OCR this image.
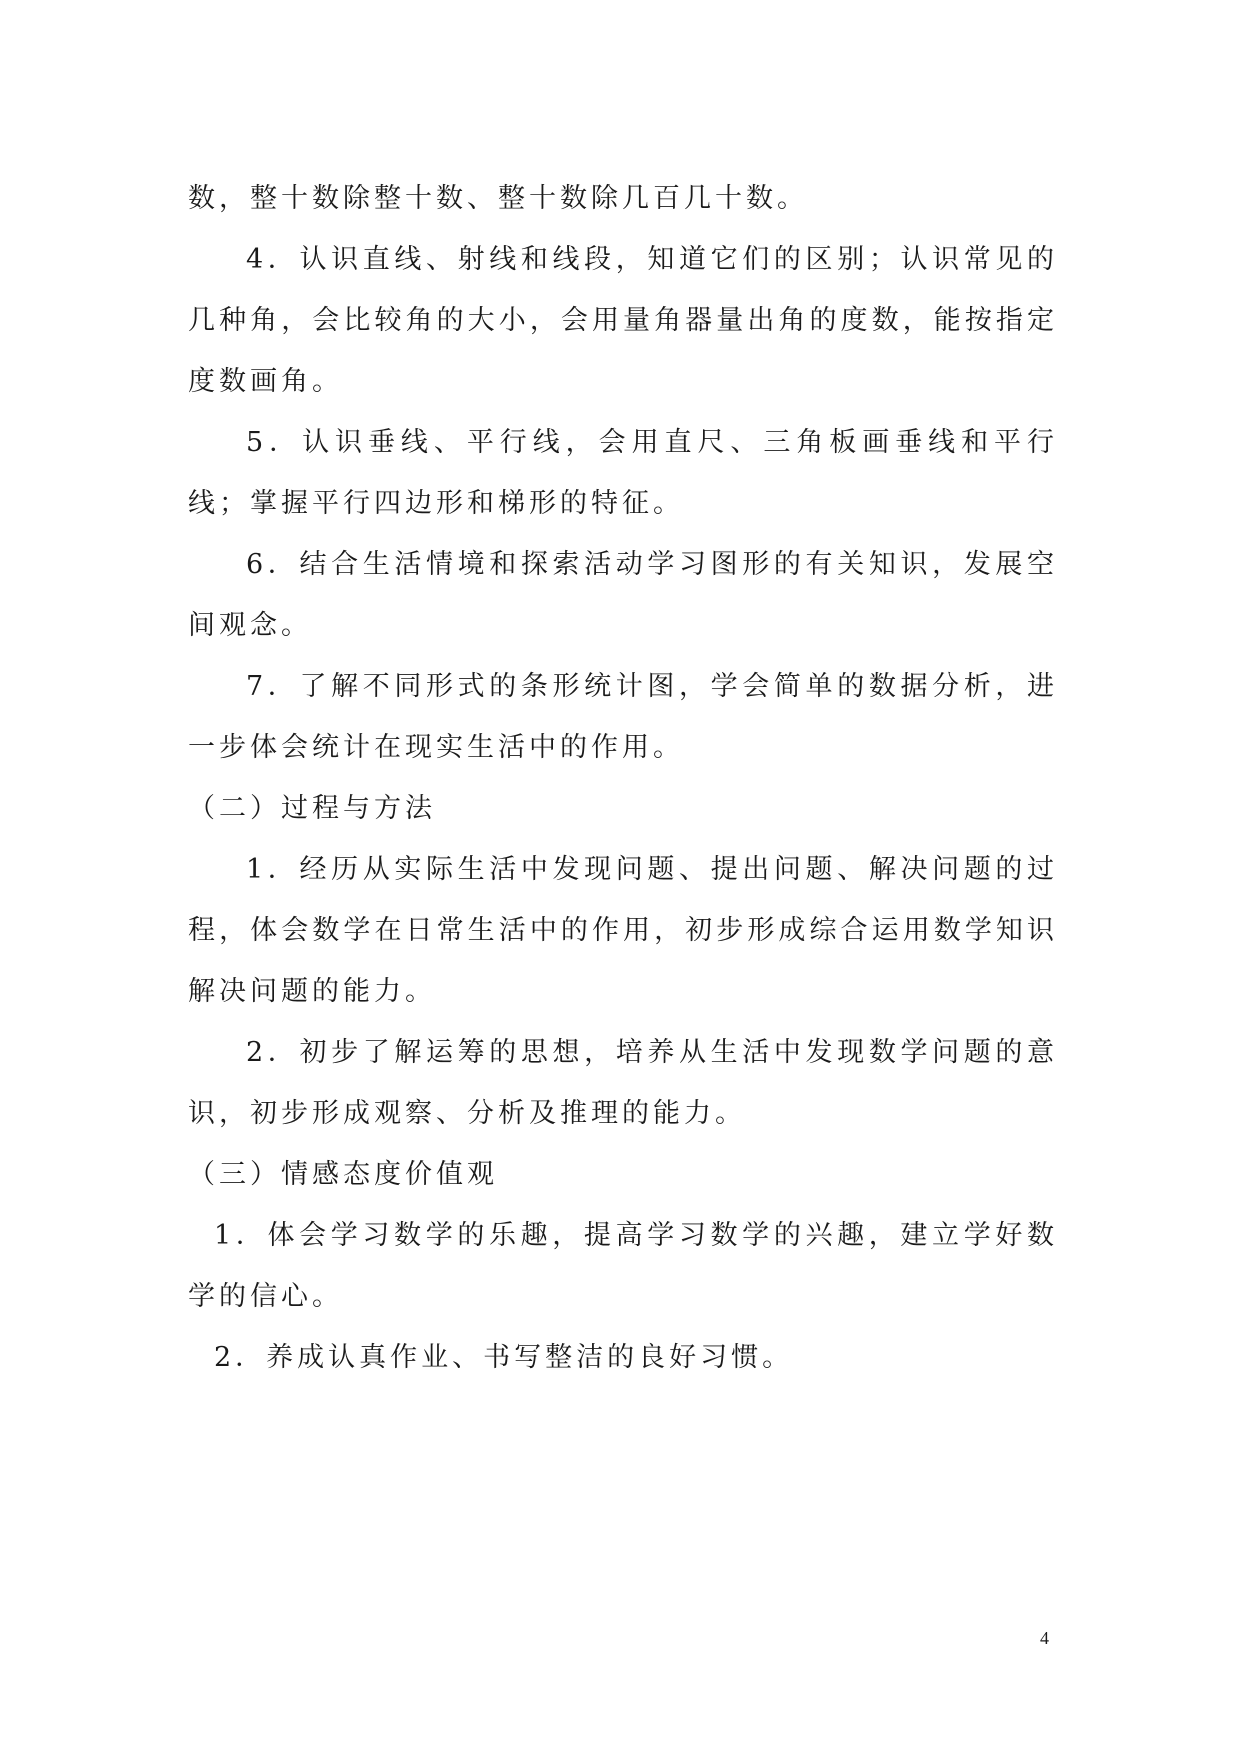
数，整十数除整十数、整十数除几百几十数。

4．认识直线、射线和线段，知道它们的区别；认识常见的几种角，会比较角的大小，会用量角器量出角的度数，能按指定度数画角。

5．认识垂线、平行线，会用直尺、三角板画垂线和平行线；掌握平行四边形和梯形的特征。

6．结合生活情境和探索活动学习图形的有关知识，发展空间观念。

7．了解不同形式的条形统计图，学会简单的数据分析，进一步体会统计在现实生活中的作用。

（二）过程与方法

1．经历从实际生活中发现问题、提出问题、解决问题的过程，体会数学在日常生活中的作用，初步形成综合运用数学知识解决问题的能力。

2．初步了解运筹的思想，培养从生活中发现数学问题的意识，初步形成观察、分析及推理的能力。

（三）情感态度价值观

1．体会学习数学的乐趣，提高学习数学的兴趣，建立学好数学的信心。

2．养成认真作业、书写整洁的良好习惯。

4
